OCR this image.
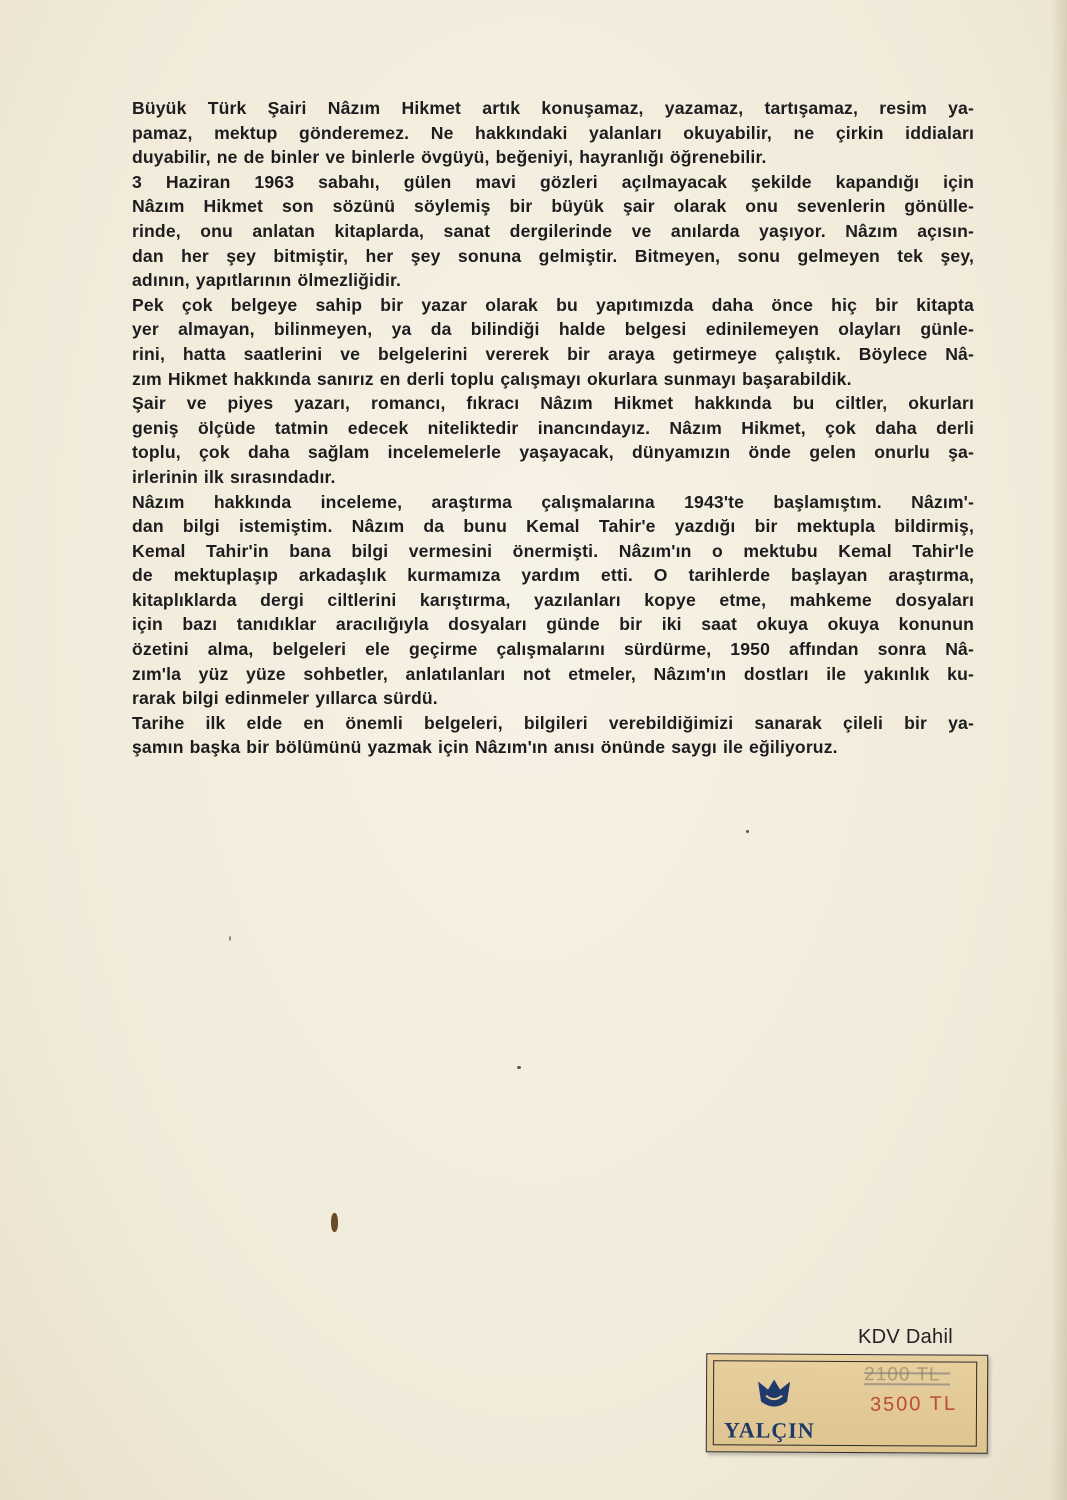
Büyük Türk Şairi Nâzım Hikmet artık konuşamaz, yazamaz, tartışamaz, resim ya-
pamaz, mektup gönderemez. Ne hakkındaki yalanları okuyabilir, ne çirkin iddiaları
duyabilir, ne de binler ve binlerle övgüyü, beğeniyi, hayranlığı öğrenebilir.
3 Haziran 1963 sabahı, gülen mavi gözleri açılmayacak şekilde kapandığı için
Nâzım Hikmet son sözünü söylemiş bir büyük şair olarak onu sevenlerin gönülle-
rinde, onu anlatan kitaplarda, sanat dergilerinde ve anılarda yaşıyor. Nâzım açısın-
dan her şey bitmiştir, her şey sonuna gelmiştir. Bitmeyen, sonu gelmeyen tek şey,
adının, yapıtlarının ölmezliğidir.
Pek çok belgeye sahip bir yazar olarak bu yapıtımızda daha önce hiç bir kitapta
yer almayan, bilinmeyen, ya da bilindiği halde belgesi edinilemeyen olayları günle-
rini, hatta saatlerini ve belgelerini vererek bir araya getirmeye çalıştık. Böylece Nâ-
zım Hikmet hakkında sanırız en derli toplu çalışmayı okurlara sunmayı başarabildik.
Şair ve piyes yazarı, romancı, fıkracı Nâzım Hikmet hakkında bu ciltler, okurları
geniş ölçüde tatmin edecek niteliktedir inancındayız. Nâzım Hikmet, çok daha derli
toplu, çok daha sağlam incelemelerle yaşayacak, dünyamızın önde gelen onurlu şa-
irlerinin ilk sırasındadır.
Nâzım hakkında inceleme, araştırma çalışmalarına 1943'te başlamıştım. Nâzım'-
dan bilgi istemiştim. Nâzım da bunu Kemal Tahir'e yazdığı bir mektupla bildirmiş,
Kemal Tahir'in bana bilgi vermesini önermişti. Nâzım'ın o mektubu Kemal Tahir'le
de mektuplaşıp arkadaşlık kurmamıza yardım etti. O tarihlerde başlayan araştırma,
kitaplıklarda dergi ciltlerini karıştırma, yazılanları kopye etme, mahkeme dosyaları
için bazı tanıdıklar aracılığıyla dosyaları günde bir iki saat okuya okuya konunun
özetini alma, belgeleri ele geçirme çalışmalarını sürdürme, 1950 affından sonra Nâ-
zım'la yüz yüze sohbetler, anlatılanları not etmeler, Nâzım'ın dostları ile yakınlık ku-
rarak bilgi edinmeler yıllarca sürdü.
Tarihe ilk elde en önemli belgeleri, bilgileri verebildiğimizi sanarak çileli bir ya-
şamın başka bir bölümünü yazmak için Nâzım'ın anısı önünde saygı ile eğiliyoruz.
KDV Dahil
YALÇIN
2100 TL
3500 TL
